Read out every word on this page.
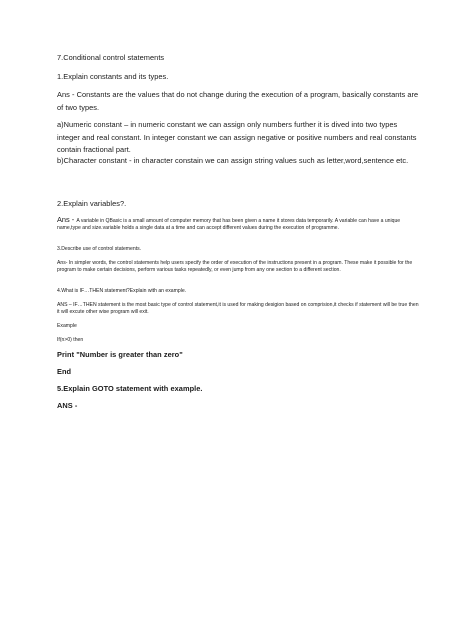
7.Conditional control statements

1.Explain constants and its types.

Ans - Constants are the values that do not change during the execution of a program, basically constants are of two types.

a)Numeric constant – in numeric constant we can assign only numbers further it is dived into two types integer and real constant. In integer constant we can assign negative or positive numbers and real constants contain fractional part.

b)Character constant - in character constain we can assign string values such as letter,word,sentence etc.

2.Explain variables?.

Ans - A variable in QBasic is a small amount of computer memory that has been given a name it stores data temporarily. A variable can have a unique name,type and size.variable holds a single data at a time and can accept different values during the execution of programme.

3.Describe use of control statements.

Ans- In simpler words, the control statements help users specify the order of execution of the instructions present in a program. These make it possible for the program to make certain decisions, perform various tasks repeatedly, or even jump from any one section to a different section.

4.What is IF…THEN statement?Explain with an example.

ANS – IF…THEN statement is the most basic type of control statement,it is used for making desigion based on comprision,it checks if statement will be true then it will excute other wise program will exit.

Example

If(n>0) then

Print "Number is greater than zero"

End

5.Explain GOTO statement with example.

ANS -
